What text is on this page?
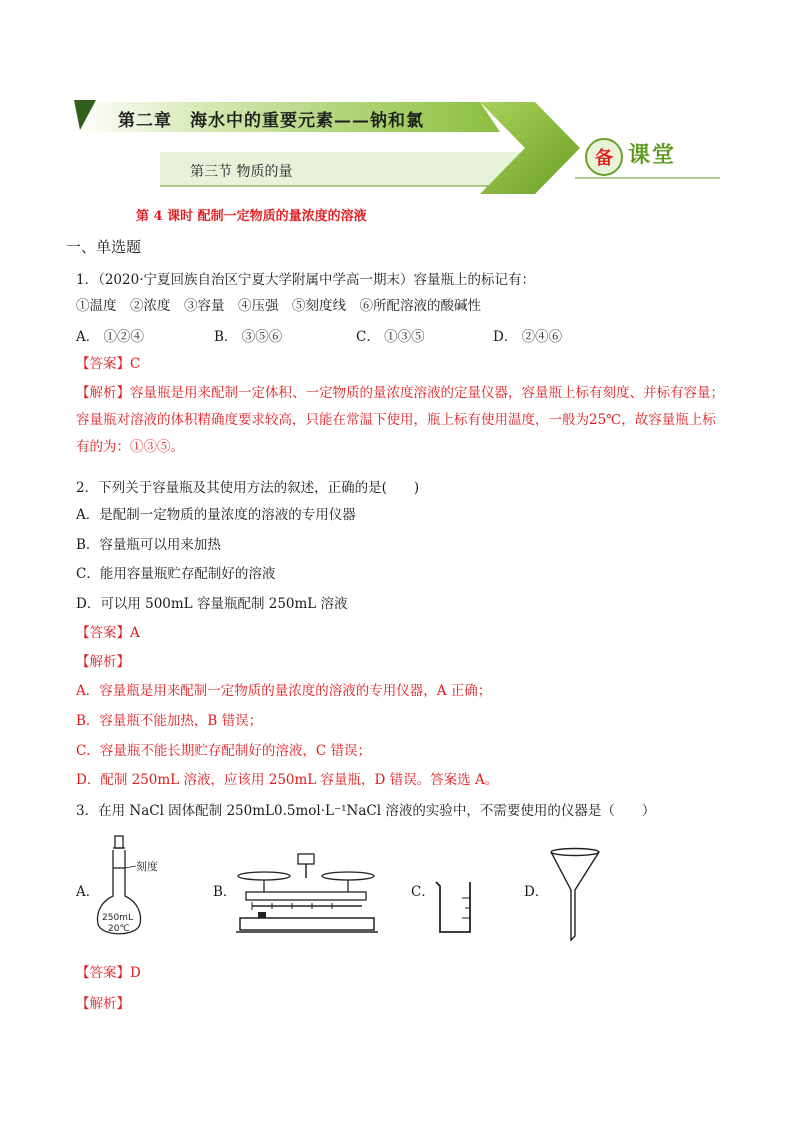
第二章　海水中的重要元素——钠和氯
第三节 物质的量
备 课堂
第 4 课时 配制一定物质的量浓度的溶液
一、单选题
1．（2020·宁夏回族自治区宁夏大学附属中学高一期末）容量瓶上的标记有：
①温度　②浓度　③容量　④压强　⑤刻度线　⑥所配溶液的酸碱性
A． ①②④	B． ③⑤⑥	C． ①③⑤	D． ②④⑥
【答案】C
【解析】容量瓶是用来配制一定体积、一定物质的量浓度溶液的定量仪器，容量瓶上标有刻度、并标有容量；容量瓶对溶液的体积精确度要求较高，只能在常温下使用，瓶上标有使用温度，一般为25℃，故容量瓶上标有的为：①③⑤。
2．下列关于容量瓶及其使用方法的叙述，正确的是(　　)
A．是配制一定物质的量浓度的溶液的专用仪器
B．容量瓶可以用来加热
C．能用容量瓶贮存配制好的溶液
D．可以用 500mL 容量瓶配制 250mL 溶液
【答案】A
【解析】
A．容量瓶是用来配制一定物质的量浓度的溶液的专用仪器，A 正确；
B．容量瓶不能加热，B 错误；
C．容量瓶不能长期贮存配制好的溶液，C 错误；
D．配制 250mL 溶液，应该用 250mL 容量瓶，D 错误。答案选 A。
3．在用 NaCl 固体配制 250mL0.5mol·L⁻¹NaCl 溶液的实验中，不需要使用的仪器是（　　）
A．	B．	C．	D．
刻度
250mL
20℃
【答案】D
【解析】
